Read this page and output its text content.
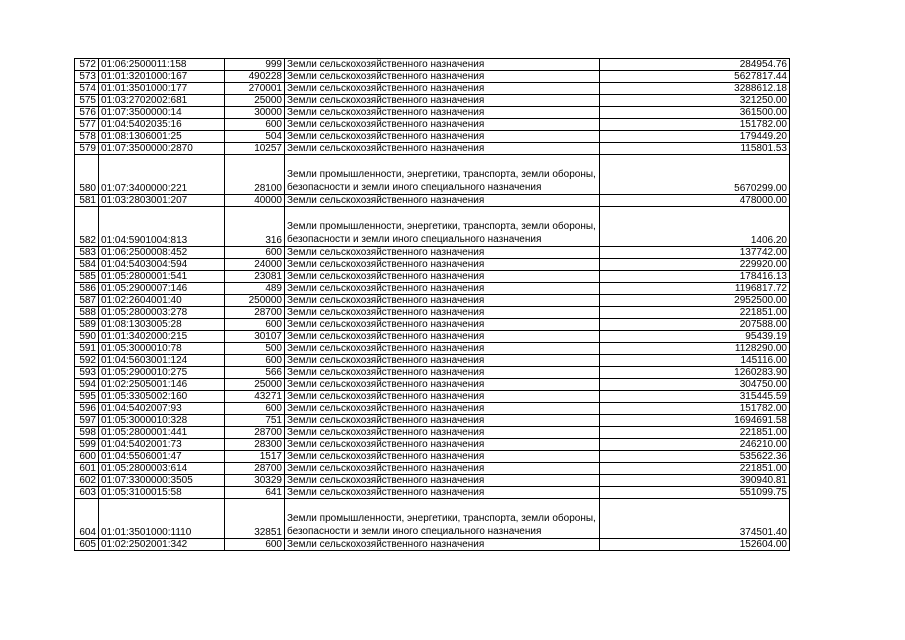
572	01:06:2500011:158	999	Земли сельскохозяйственного назначения	284954.76
573	01:01:3201000:167	490228	Земли сельскохозяйственного назначения	5627817.44
574	01:01:3501000:177	270001	Земли сельскохозяйственного назначения	3288612.18
575	01:03:2702002:681	25000	Земли сельскохозяйственного назначения	321250.00
576	01:07:3500000:14	30000	Земли сельскохозяйственного назначения	361500.00
577	01:04:5402035:16	600	Земли сельскохозяйственного назначения	151782.00
578	01:08:1306001:25	504	Земли сельскохозяйственного назначения	179449.20
579	01:07:3500000:2870	10257	Земли сельскохозяйственного назначения	115801.53
580	01:07:3400000:221	28100	Земли промышленности, энергетики, транспорта, земли обороны, безопасности и земли иного специального назначения	5670299.00
581	01:03:2803001:207	40000	Земли сельскохозяйственного назначения	478000.00
582	01:04:5901004:813	316	Земли промышленности, энергетики, транспорта, земли обороны, безопасности и земли иного специального назначения	1406.20
583	01:06:2500008:452	600	Земли сельскохозяйственного назначения	137742.00
584	01:04:5403004:594	24000	Земли сельскохозяйственного назначения	229920.00
585	01:05:2800001:541	23081	Земли сельскохозяйственного назначения	178416.13
586	01:05:2900007:146	489	Земли сельскохозяйственного назначения	1196817.72
587	01:02:2604001:40	250000	Земли сельскохозяйственного назначения	2952500.00
588	01:05:2800003:278	28700	Земли сельскохозяйственного назначения	221851.00
589	01:08:1303005:28	600	Земли сельскохозяйственного назначения	207588.00
590	01:01:3402000:215	30107	Земли сельскохозяйственного назначения	95439.19
591	01:05:3000010:78	500	Земли сельскохозяйственного назначения	1128290.00
592	01:04:5603001:124	600	Земли сельскохозяйственного назначения	145116.00
593	01:05:2900010:275	566	Земли сельскохозяйственного назначения	1260283.90
594	01:02:2505001:146	25000	Земли сельскохозяйственного назначения	304750.00
595	01:05:3305002:160	43271	Земли сельскохозяйственного назначения	315445.59
596	01:04:5402007:93	600	Земли сельскохозяйственного назначения	151782.00
597	01:05:3000010:328	751	Земли сельскохозяйственного назначения	1694691.58
598	01:05:2800001:441	28700	Земли сельскохозяйственного назначения	221851.00
599	01:04:5402001:73	28300	Земли сельскохозяйственного назначения	246210.00
600	01:04:5506001:47	1517	Земли сельскохозяйственного назначения	535622.36
601	01:05:2800003:614	28700	Земли сельскохозяйственного назначения	221851.00
602	01:07:3300000:3505	30329	Земли сельскохозяйственного назначения	390940.81
603	01:05:3100015:58	641	Земли сельскохозяйственного назначения	551099.75
604	01:01:3501000:1110	32851	Земли промышленности, энергетики, транспорта, земли обороны, безопасности и земли иного специального назначения	374501.40
605	01:02:2502001:342	600	Земли сельскохозяйственного назначения	152604.00
